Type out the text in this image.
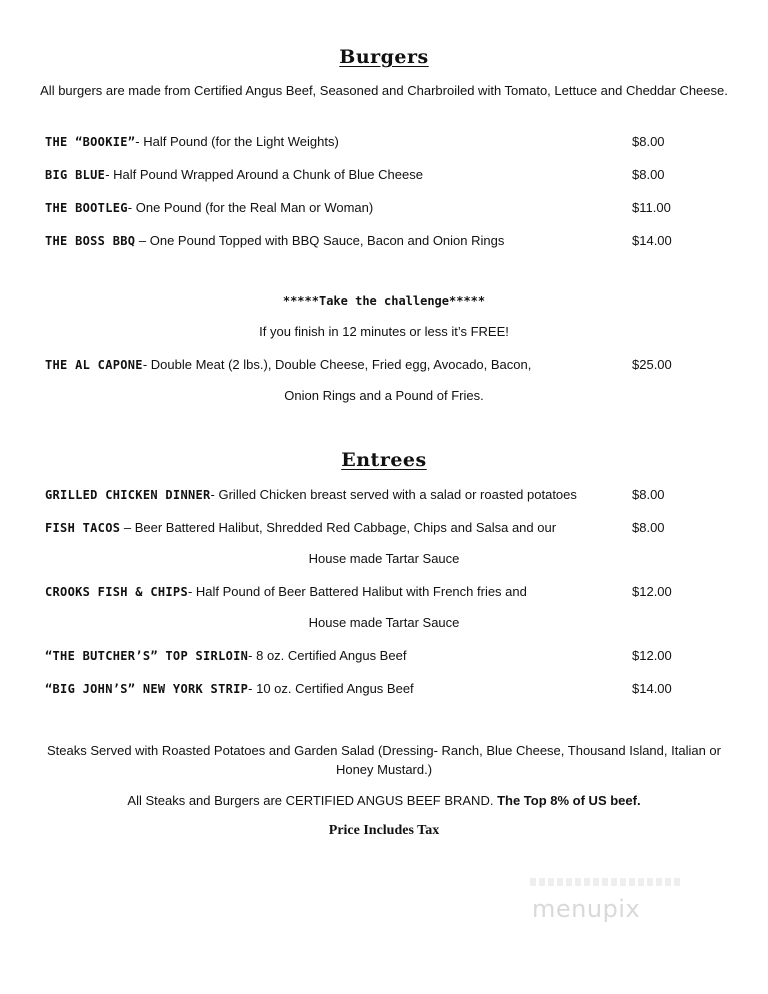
Burgers
All burgers are made from Certified Angus Beef, Seasoned and Charbroiled with Tomato, Lettuce and Cheddar Cheese.
THE “BOOKIE”- Half Pound (for the Light Weights)	$8.00
BIG BLUE- Half Pound Wrapped Around a Chunk of Blue Cheese	$8.00
THE BOOTLEG- One Pound (for the Real Man or Woman)	$11.00
THE BOSS BBQ – One Pound Topped with BBQ Sauce, Bacon and Onion Rings	$14.00
*****Take the challenge*****
If you finish in 12 minutes or less it’s FREE!
THE AL CAPONE- Double Meat (2 lbs.), Double Cheese, Fried egg, Avocado, Bacon,	$25.00
Onion Rings and a Pound of Fries.
Entrees
GRILLED CHICKEN DINNER- Grilled Chicken breast served with a salad or roasted potatoes	$8.00
FISH TACOS – Beer Battered Halibut, Shredded Red Cabbage, Chips and Salsa and our	$8.00
House made Tartar Sauce
CROOKS FISH & CHIPS- Half Pound of Beer Battered Halibut with French fries and	$12.00
House made Tartar Sauce
“THE BUTCHER’S” TOP SIRLOIN- 8 oz. Certified Angus Beef	$12.00
“BIG JOHN’S” NEW YORK STRIP- 10 oz. Certified Angus Beef	$14.00
Steaks Served with Roasted Potatoes and Garden Salad (Dressing- Ranch, Blue Cheese, Thousand Island, Italian or Honey Mustard.)
All Steaks and Burgers are CERTIFIED ANGUS BEEF BRAND. The Top 8% of US beef.
Price Includes Tax
menupix
